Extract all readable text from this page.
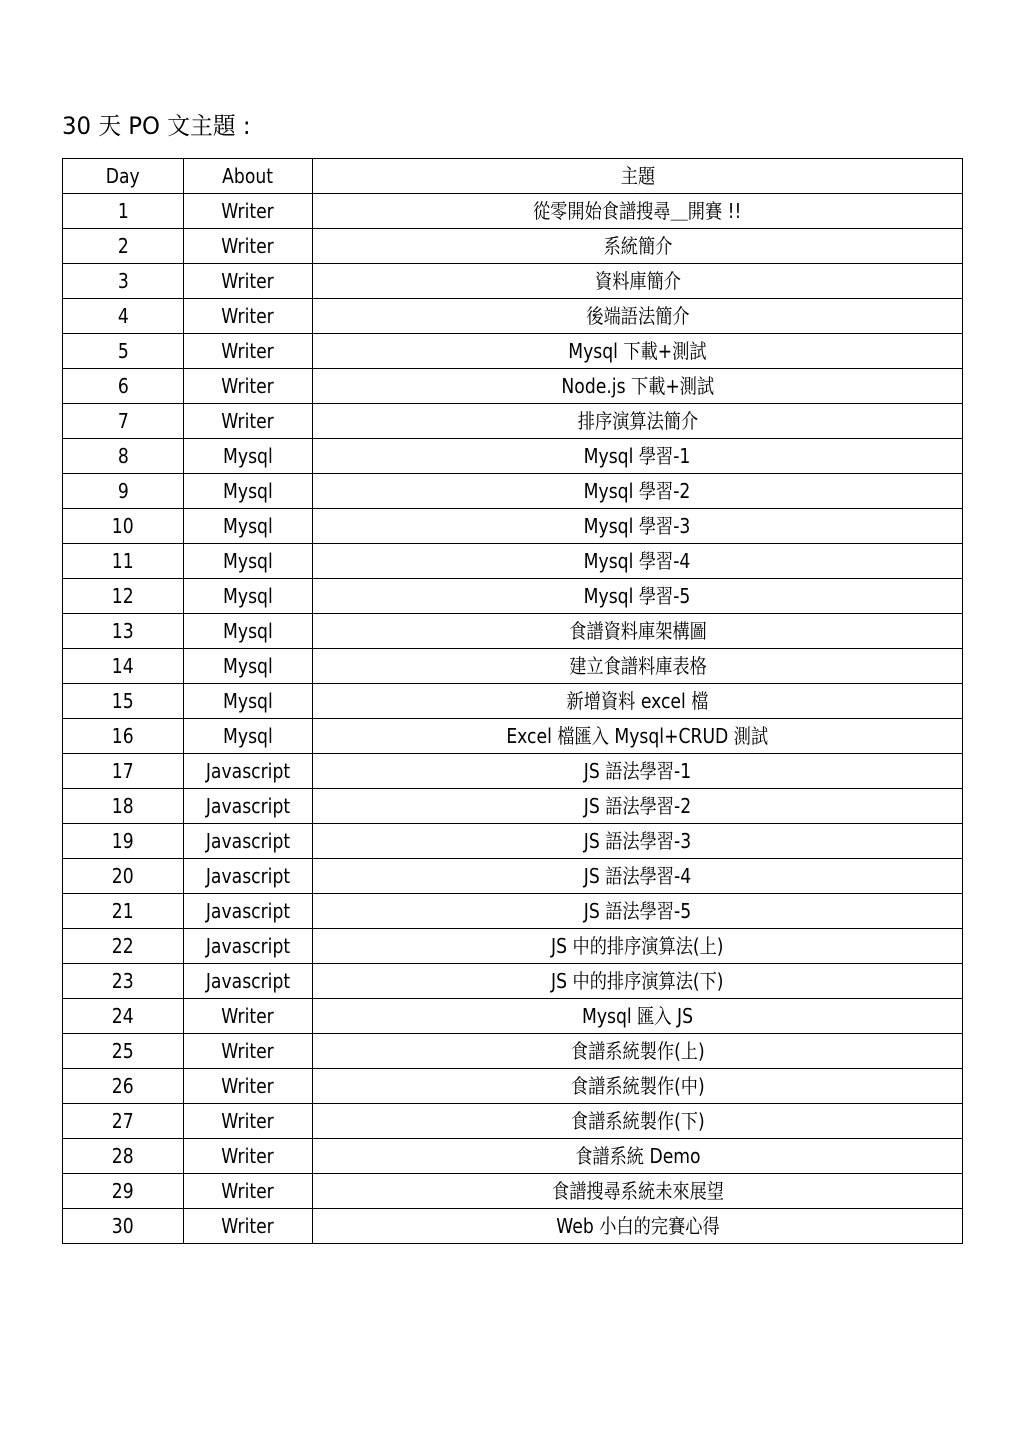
30 天 PO 文主題 :
Day	About	主題
1	Writer	從零開始食譜搜尋＿開賽 !!
2	Writer	系統簡介
3	Writer	資料庫簡介
4	Writer	後端語法簡介
5	Writer	Mysql 下載+測試
6	Writer	Node.js 下載+測試
7	Writer	排序演算法簡介
8	Mysql	Mysql 學習-1
9	Mysql	Mysql 學習-2
10	Mysql	Mysql 學習-3
11	Mysql	Mysql 學習-4
12	Mysql	Mysql 學習-5
13	Mysql	食譜資料庫架構圖
14	Mysql	建立食譜料庫表格
15	Mysql	新增資料 excel 檔
16	Mysql	Excel 檔匯入 Mysql+CRUD 測試
17	Javascript	JS 語法學習-1
18	Javascript	JS 語法學習-2
19	Javascript	JS 語法學習-3
20	Javascript	JS 語法學習-4
21	Javascript	JS 語法學習-5
22	Javascript	JS 中的排序演算法(上)
23	Javascript	JS 中的排序演算法(下)
24	Writer	Mysql 匯入 JS
25	Writer	食譜系統製作(上)
26	Writer	食譜系統製作(中)
27	Writer	食譜系統製作(下)
28	Writer	食譜系統 Demo
29	Writer	食譜搜尋系統未來展望
30	Writer	Web 小白的完賽心得
